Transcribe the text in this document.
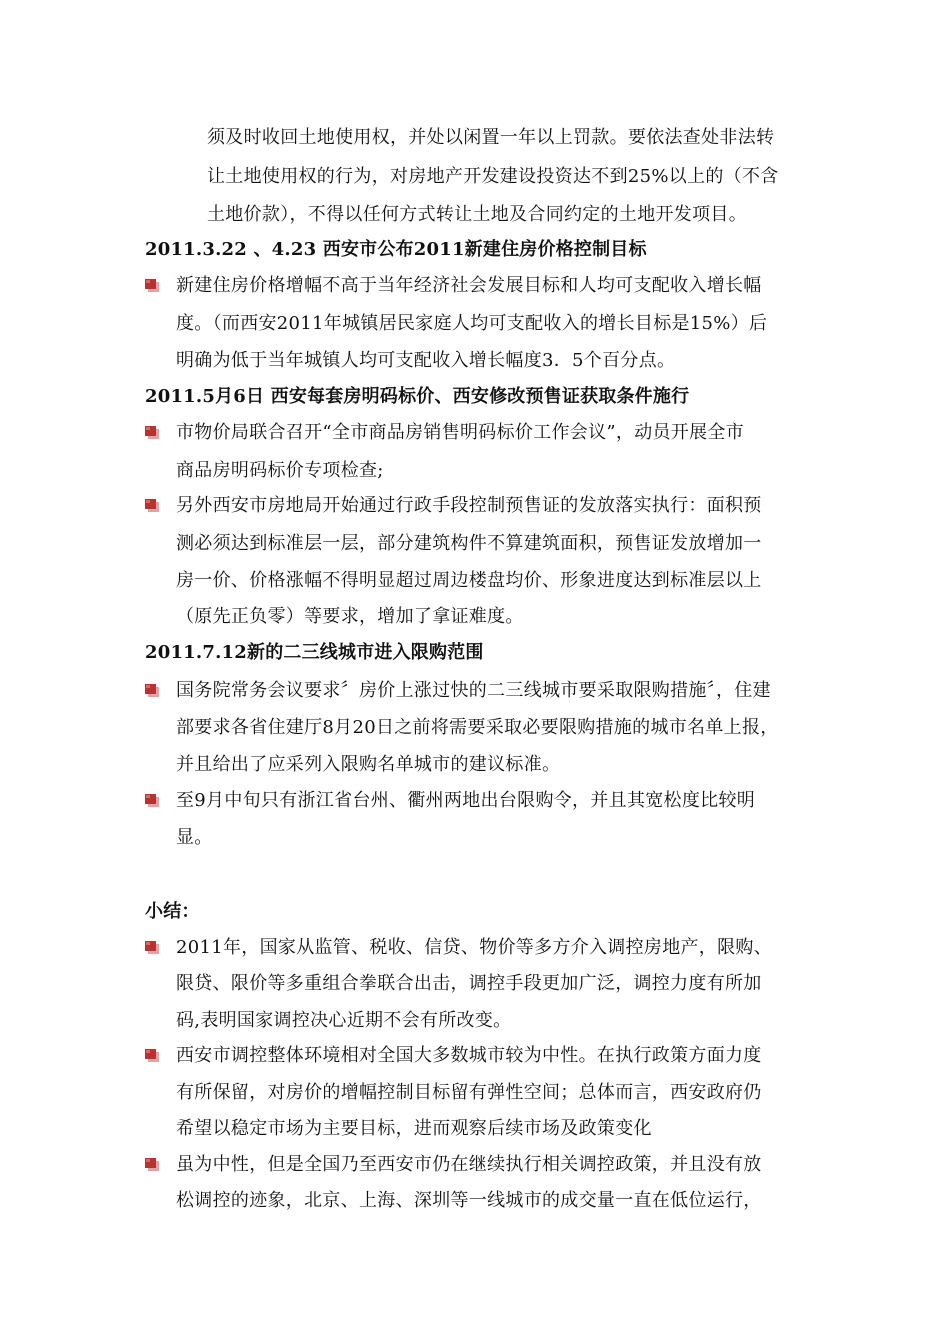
须及时收回土地使用权，并处以闲置一年以上罚款。要依法查处非法转
让土地使用权的行为，对房地产开发建设投资达不到25%以上的（不含
土地价款），不得以任何方式转让土地及合同约定的土地开发项目。
2011.3.22 、4.23 西安市公布2011新建住房价格控制目标
新建住房价格增幅不高于当年经济社会发展目标和人均可支配收入增长幅
度。（而西安2011年城镇居民家庭人均可支配收入的增长目标是15%）后
明确为低于当年城镇人均可支配收入增长幅度3．5个百分点。
2011.5月6日 西安每套房明码标价、西安修改预售证获取条件施行
市物价局联合召开“全市商品房销售明码标价工作会议”，动员开展全市
商品房明码标价专项检查;
另外西安市房地局开始通过行政手段控制预售证的发放落实执行：面积预
测必须达到标准层一层，部分建筑构件不算建筑面积，预售证发放增加一
房一价、价格涨幅不得明显超过周边楼盘均价、形象进度达到标准层以上
（原先正负零）等要求，增加了拿证难度。
2011.7.12新的二三线城市进入限购范围
国务院常务会议要求〞房价上涨过快的二三线城市要采取限购措施〞，住建
部要求各省住建厅8月20日之前将需要采取必要限购措施的城市名单上报，
并且给出了应采列入限购名单城市的建议标准。
至9月中旬只有浙江省台州、衢州两地出台限购令，并且其宽松度比较明
显。
小结：
2011年，国家从监管、税收、信贷、物价等多方介入调控房地产，限购、
限贷、限价等多重组合拳联合出击，调控手段更加广泛，调控力度有所加
码,表明国家调控决心近期不会有所改变。
西安市调控整体环境相对全国大多数城市较为中性。在执行政策方面力度
有所保留，对房价的增幅控制目标留有弹性空间；总体而言，西安政府仍
希望以稳定市场为主要目标，进而观察后续市场及政策变化
虽为中性，但是全国乃至西安市仍在继续执行相关调控政策，并且没有放
松调控的迹象，北京、上海、深圳等一线城市的成交量一直在低位运行，
